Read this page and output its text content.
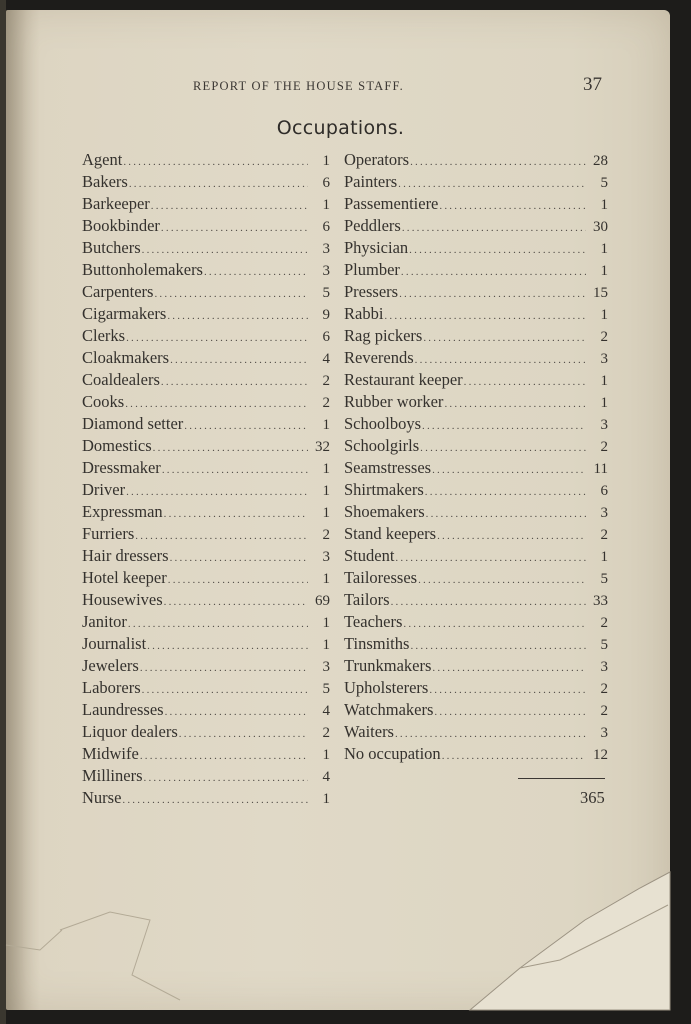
REPORT OF THE HOUSE STAFF.	37
Occupations.
Agent .....	1
Bakers .....	6
Barkeeper .....	1
Bookbinder .....	6
Butchers .....	3
Buttonholemakers .....	3
Carpenters .....	5
Cigarmakers .....	9
Clerks .....	6
Cloakmakers .....	4
Coaldealers .....	2
Cooks .....	2
Diamond setter .....	1
Domestics .....	32
Dressmaker .....	1
Driver .....	1
Expressman .....	1
Furriers .....	2
Hair dressers .....	3
Hotel keeper .....	1
Housewives .....	69
Janitor .....	1
Journalist .....	1
Jewelers .....	3
Laborers .....	5
Laundresses .....	4
Liquor dealers .....	2
Midwife .....	1
Milliners .....	4
Nurse .....	1
Operators .....	28
Painters .....	5
Passementiere .....	1
Peddlers .....	30
Physician .....	1
Plumber .....	1
Pressers .....	15
Rabbi .....	1
Rag pickers .....	2
Reverends .....	3
Restaurant keeper .....	1
Rubber worker .....	1
Schoolboys .....	3
Schoolgirls .....	2
Seamstresses .....	11
Shirtmakers .....	6
Shoemakers .....	3
Stand keepers .....	2
Student .....	1
Tailoresses .....	5
Tailors .....	33
Teachers .....	2
Tinsmiths .....	5
Trunkmakers .....	3
Upholsterers .....	2
Watchmakers .....	2
Waiters .....	3
No occupation .....	12
365
